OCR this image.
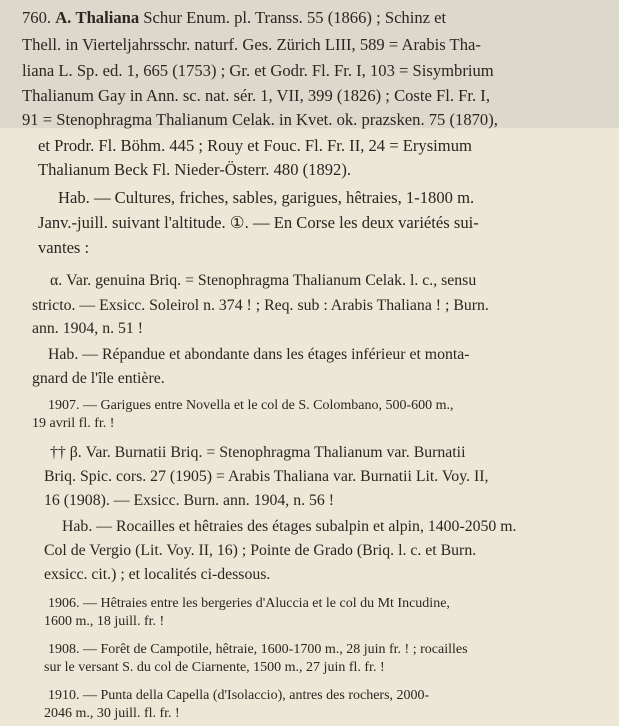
760. A. Thaliana Schur Enum. pl. Transs. 55 (1866) ; Schinz et
Thell. in Vierteljahrsschr. naturf. Ges. Zürich LIII, 589 = Arabis Tha-
liana L. Sp. ed. 1, 665 (1753) ; Gr. et Godr. Fl. Fr. I, 103 = Sisymbrium
Thalianum Gay in Ann. sc. nat. sér. 1, VII, 399 (1826) ; Coste Fl. Fr. I,
91 = Stenophragma Thalianum Celak. in Kvet. ok. prazsken. 75 (1870),
et Prodr. Fl. Böhm. 445 ; Rouy et Fouc. Fl. Fr. II, 24 = Erysimum
Thalianum Beck Fl. Nieder-Österr. 480 (1892).
Hab. — Cultures, friches, sables, garigues, hêtraies, 1-1800 m.
Janv.-juill. suivant l'altitude. ①. — En Corse les deux variétés sui-
vantes :
α. Var. genuina Briq. = Stenophragma Thalianum Celak. l. c., sensu
stricto. — Exsicc. Soleirol n. 374 ! ; Req. sub : Arabis Thaliana ! ; Burn.
ann. 1904, n. 51 !
Hab. — Répandue et abondante dans les étages inférieur et monta-
gnard de l'île entière.
1907. — Garigues entre Novella et le col de S. Colombano, 500-600 m.,
19 avril fl. fr. !
†† β. Var. Burnatii Briq. = Stenophragma Thalianum var. Burnatii
Briq. Spic. cors. 27 (1905) = Arabis Thaliana var. Burnatii Lit. Voy. II,
16 (1908). — Exsicc. Burn. ann. 1904, n. 56 !
Hab. — Rocailles et hêtraies des étages subalpin et alpin, 1400-2050 m.
Col de Vergio (Lit. Voy. II, 16) ; Pointe de Grado (Briq. l. c. et Burn.
exsicc. cit.) ; et localités ci-dessous.
1906. — Hêtraies entre les bergeries d'Aluccia et le col du Mt Incudine,
1600 m., 18 juill. fr. !
1908. — Forêt de Campotile, hêtraie, 1600-1700 m., 28 juin fr. ! ; rocailles
sur le versant S. du col de Ciarnente, 1500 m., 27 juin fl. fr. !
1910. — Punta della Capella (d'Isolaccio), antres des rochers, 2000-
2046 m., 30 juill. fl. fr. !
